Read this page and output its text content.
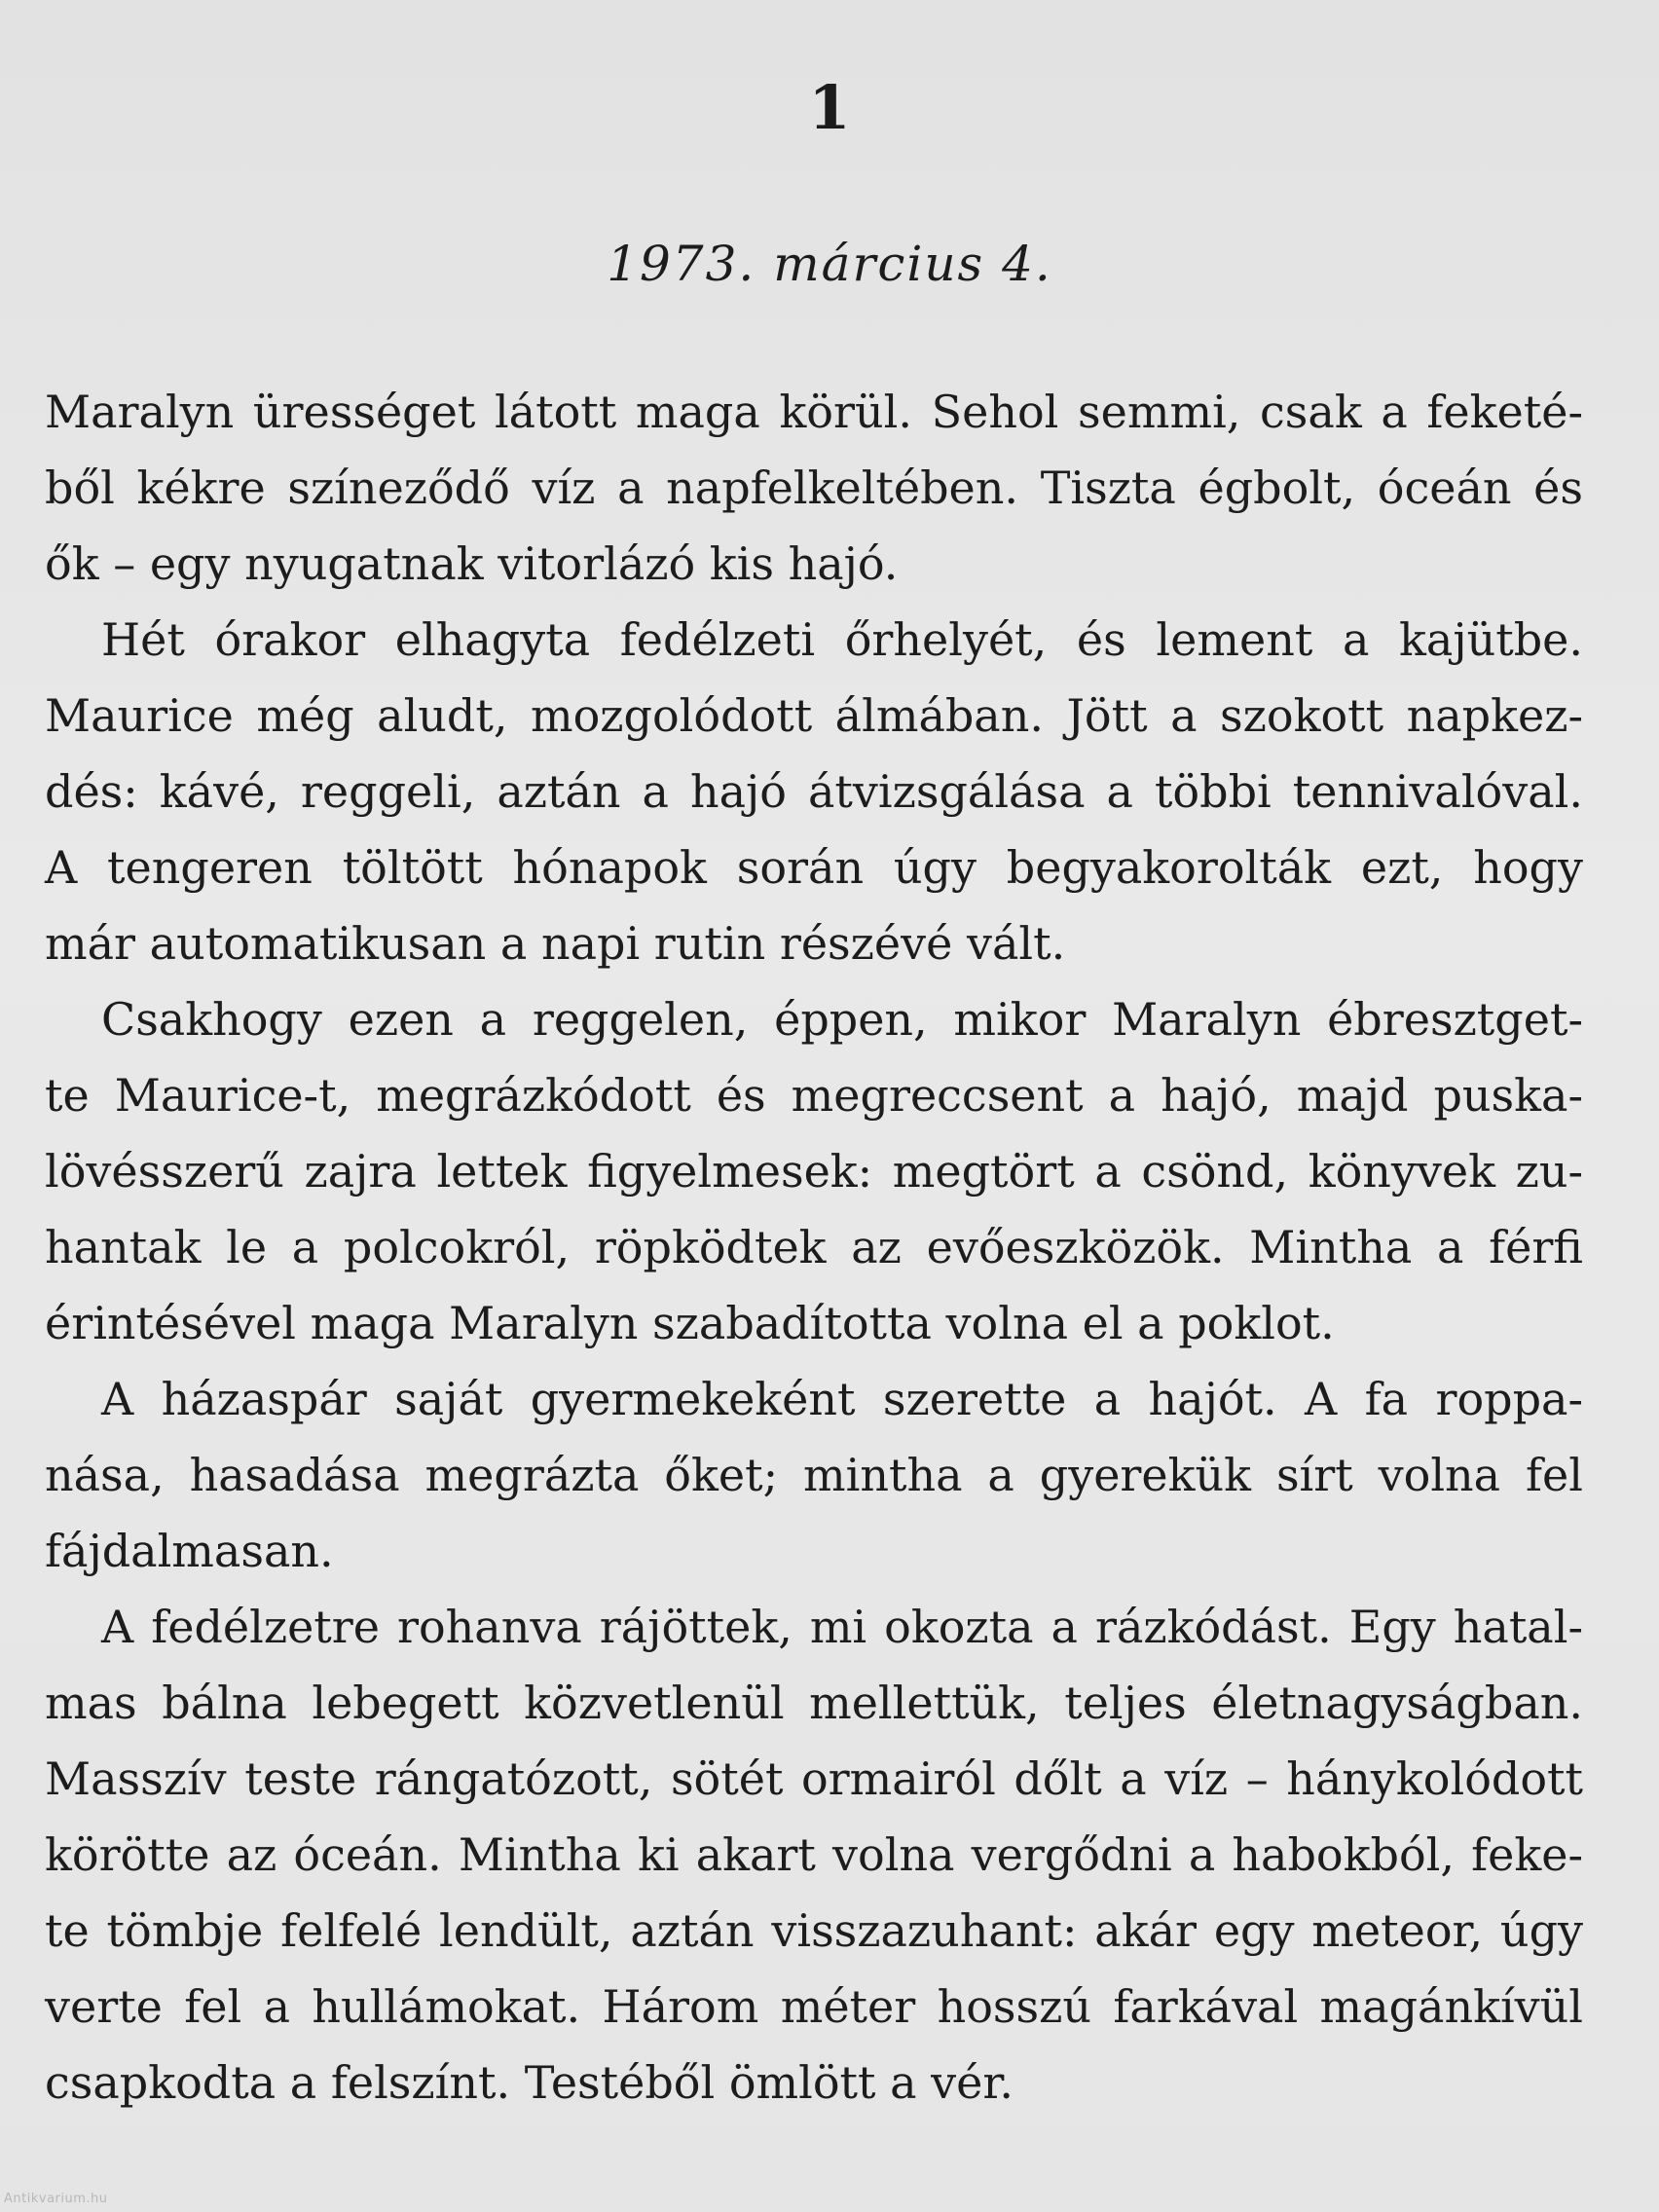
1
1973. március 4.
Maralyn ürességet látott maga körül. Sehol semmi, csak a feketé-
ből kékre színeződő víz a napfelkeltében. Tiszta égbolt, óceán és
ők – egy nyugatnak vitorlázó kis hajó.
Hét órakor elhagyta fedélzeti őrhelyét, és lement a kajütbe.
Maurice még aludt, mozgolódott álmában. Jött a szokott napkez-
dés: kávé, reggeli, aztán a hajó átvizsgálása a többi tennivalóval.
A tengeren töltött hónapok során úgy begyakorolták ezt, hogy
már automatikusan a napi rutin részévé vált.
Csakhogy ezen a reggelen, éppen, mikor Maralyn ébresztget-
te Maurice-t, megrázkódott és megreccsent a hajó, majd puska-
lövésszerű zajra lettek figyelmesek: megtört a csönd, könyvek zu-
hantak le a polcokról, röpködtek az evőeszközök. Mintha a férfi
érintésével maga Maralyn szabadította volna el a poklot.
A házaspár saját gyermekeként szerette a hajót. A fa roppa-
nása, hasadása megrázta őket; mintha a gyerekük sírt volna fel
fájdalmasan.
A fedélzetre rohanva rájöttek, mi okozta a rázkódást. Egy hatal-
mas bálna lebegett közvetlenül mellettük, teljes életnagyságban.
Masszív teste rángatózott, sötét ormairól dőlt a víz – hánykolódott
körötte az óceán. Mintha ki akart volna vergődni a habokból, feke-
te tömbje felfelé lendült, aztán visszazuhant: akár egy meteor, úgy
verte fel a hullámokat. Három méter hosszú farkával magánkívül
csapkodta a felszínt. Testéből ömlött a vér.
Antikvarium.hu
